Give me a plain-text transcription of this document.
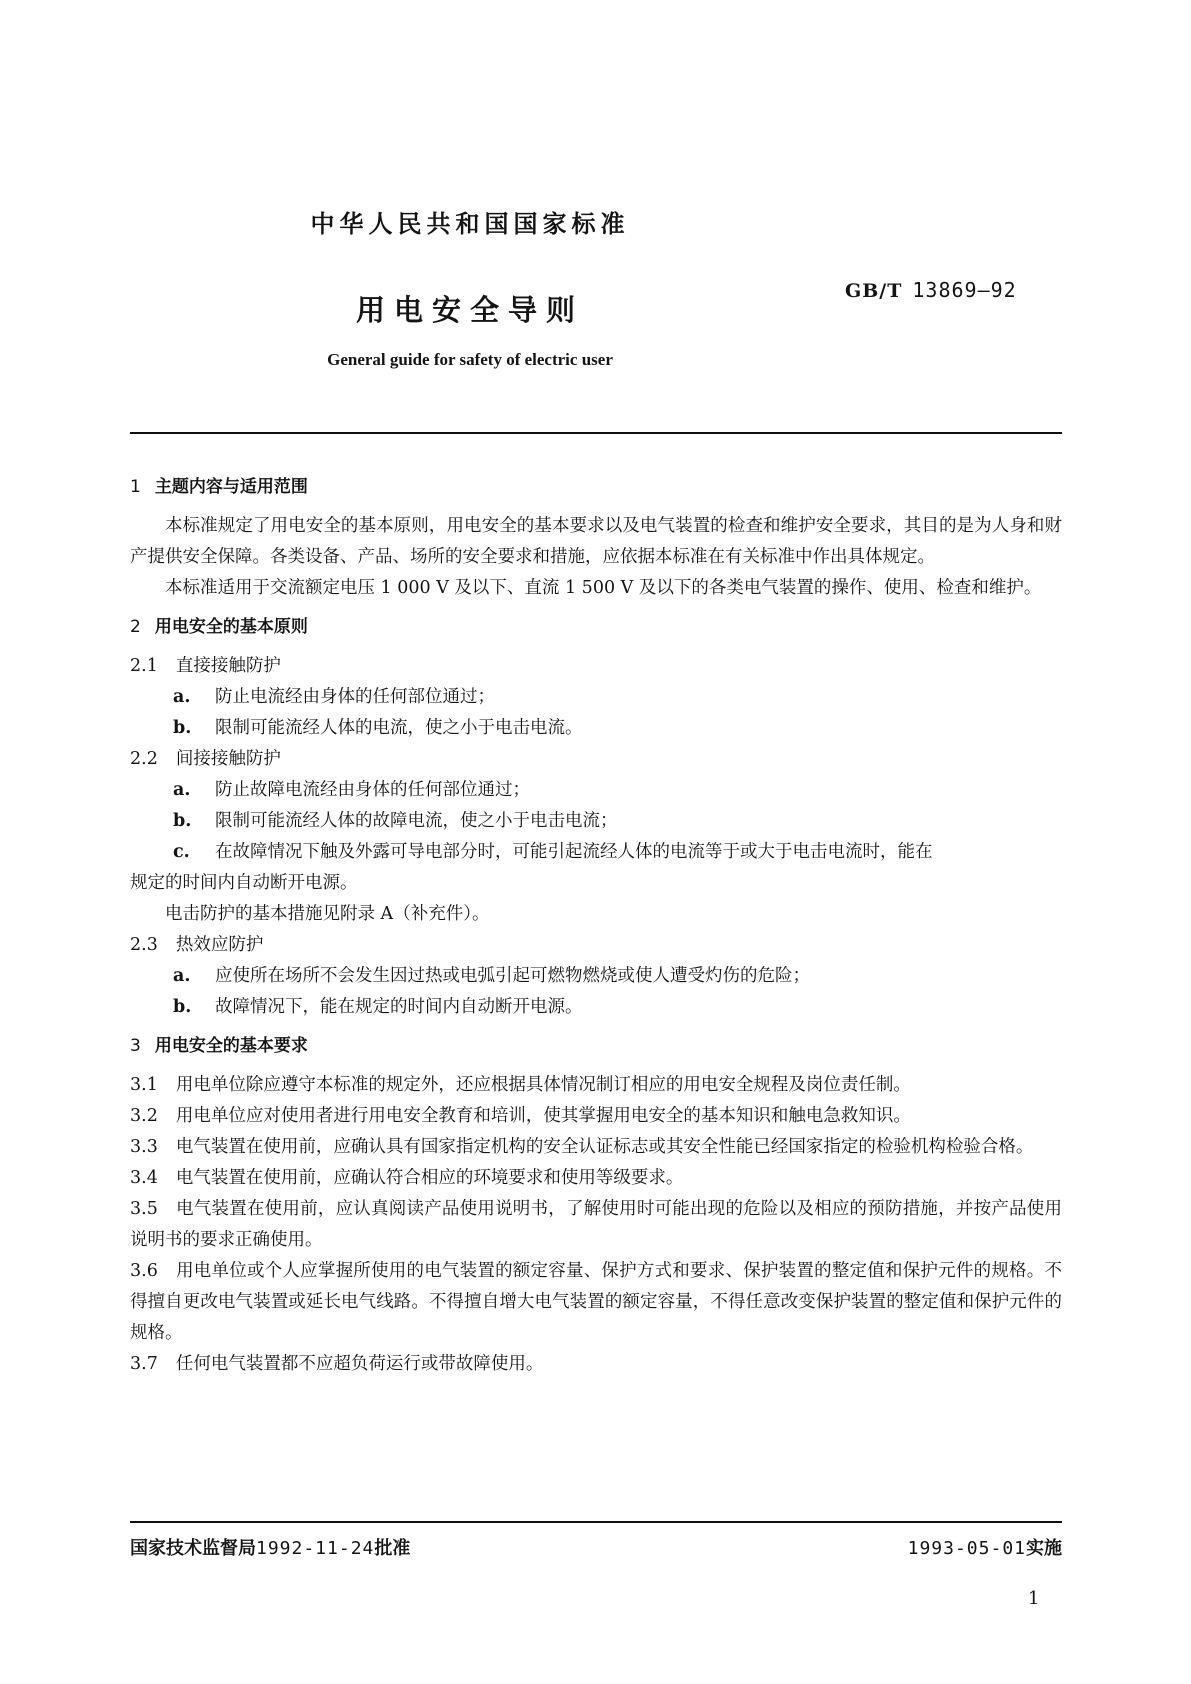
中华人民共和国国家标准
用电安全导则
GB/T 13869—92
General guide for safety of electric user
1 主题内容与适用范围
本标准规定了用电安全的基本原则，用电安全的基本要求以及电气装置的检查和维护安全要求，其目的是为人身和财产提供安全保障。各类设备、产品、场所的安全要求和措施，应依据本标准在有关标准中作出具体规定。
本标准适用于交流额定电压 1 000 V 及以下、直流 1 500 V 及以下的各类电气装置的操作、使用、检查和维护。
2 用电安全的基本原则
2.1 直接接触防护
a. 防止电流经由身体的任何部位通过；
b. 限制可能流经人体的电流，使之小于电击电流。
2.2 间接接触防护
a. 防止故障电流经由身体的任何部位通过；
b. 限制可能流经人体的故障电流，使之小于电击电流；
c. 在故障情况下触及外露可导电部分时，可能引起流经人体的电流等于或大于电击电流时，能在
规定的时间内自动断开电源。
电击防护的基本措施见附录 A（补充件）。
2.3 热效应防护
a. 应使所在场所不会发生因过热或电弧引起可燃物燃烧或使人遭受灼伤的危险；
b. 故障情况下，能在规定的时间内自动断开电源。
3 用电安全的基本要求
3.1 用电单位除应遵守本标准的规定外，还应根据具体情况制订相应的用电安全规程及岗位责任制。
3.2 用电单位应对使用者进行用电安全教育和培训，使其掌握用电安全的基本知识和触电急救知识。
3.3 电气装置在使用前，应确认具有国家指定机构的安全认证标志或其安全性能已经国家指定的检验机构检验合格。
3.4 电气装置在使用前，应确认符合相应的环境要求和使用等级要求。
3.5 电气装置在使用前，应认真阅读产品使用说明书，了解使用时可能出现的危险以及相应的预防措施，并按产品使用说明书的要求正确使用。
3.6 用电单位或个人应掌握所使用的电气装置的额定容量、保护方式和要求、保护装置的整定值和保护元件的规格。不得擅自更改电气装置或延长电气线路。不得擅自增大电气装置的额定容量，不得任意改变保护装置的整定值和保护元件的规格。
3.7 任何电气装置都不应超负荷运行或带故障使用。
国家技术监督局1992-11-24批准	1993-05-01实施
1
